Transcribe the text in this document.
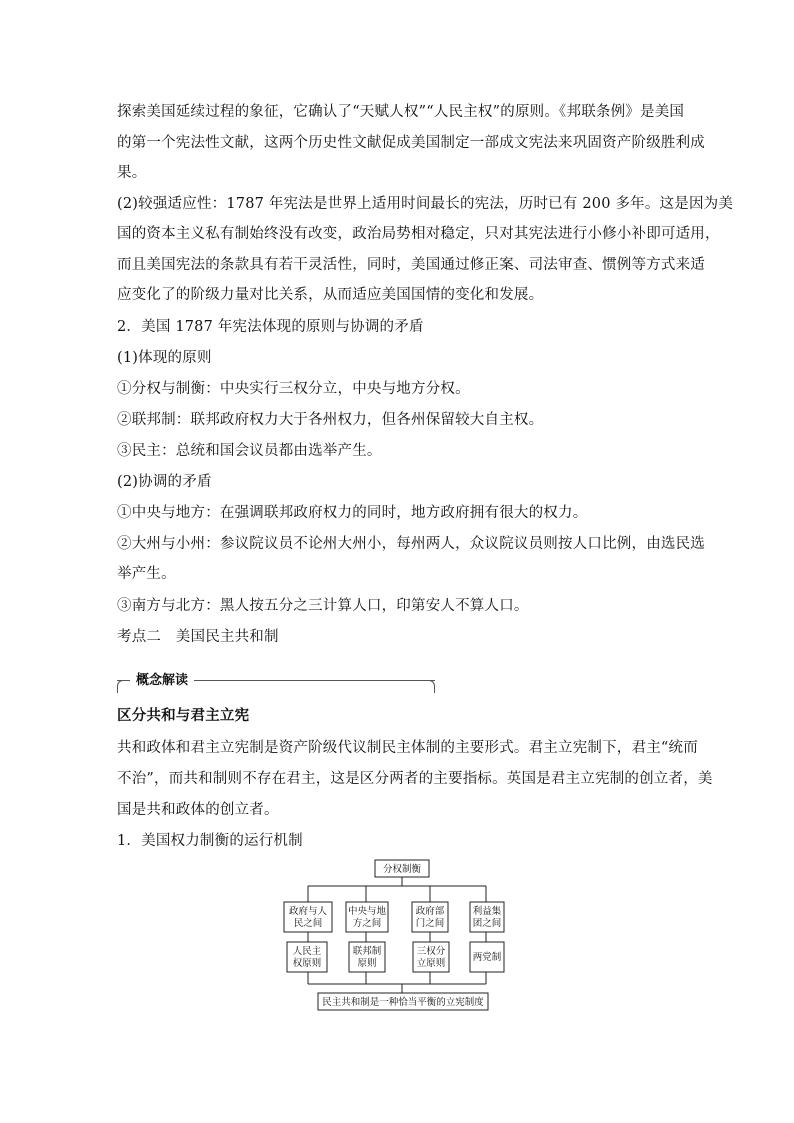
探索美国延续过程的象征，它确认了“天赋人权”“人民主权”的原则。《邦联条例》是美国
的第一个宪法性文献，这两个历史性文献促成美国制定一部成文宪法来巩固资产阶级胜利成
果。
(2)较强适应性：1787 年宪法是世界上适用时间最长的宪法，历时已有 200 多年。这是因为美
国的资本主义私有制始终没有改变，政治局势相对稳定，只对其宪法进行小修小补即可适用，
而且美国宪法的条款具有若干灵活性，同时，美国通过修正案、司法审查、惯例等方式来适
应变化了的阶级力量对比关系，从而适应美国国情的变化和发展。
2．美国 1787 年宪法体现的原则与协调的矛盾
(1)体现的原则
①分权与制衡：中央实行三权分立，中央与地方分权。
②联邦制：联邦政府权力大于各州权力，但各州保留较大自主权。
③民主：总统和国会议员都由选举产生。
(2)协调的矛盾
①中央与地方：在强调联邦政府权力的同时，地方政府拥有很大的权力。
②大州与小州：参议院议员不论州大州小，每州两人，众议院议员则按人口比例，由选民选
举产生。
③南方与北方：黑人按五分之三计算人口，印第安人不算人口。
考点二　美国民主共和制
概念解读
区分共和与君主立宪
共和政体和君主立宪制是资产阶级代议制民主体制的主要形式。君主立宪制下，君主“统而
不治”，而共和制则不存在君主，这是区分两者的主要指标。英国是君主立宪制的创立者，美
国是共和政体的创立者。
1．美国权力制衡的运行机制
分权制衡
政府与人
民之间
中央与地
方之间
政府部
门之间
利益集
团之间
人民主
权原则
联邦制
原则
三权分
立原则
两党制
民主共和制是一种恰当平衡的立宪制度
